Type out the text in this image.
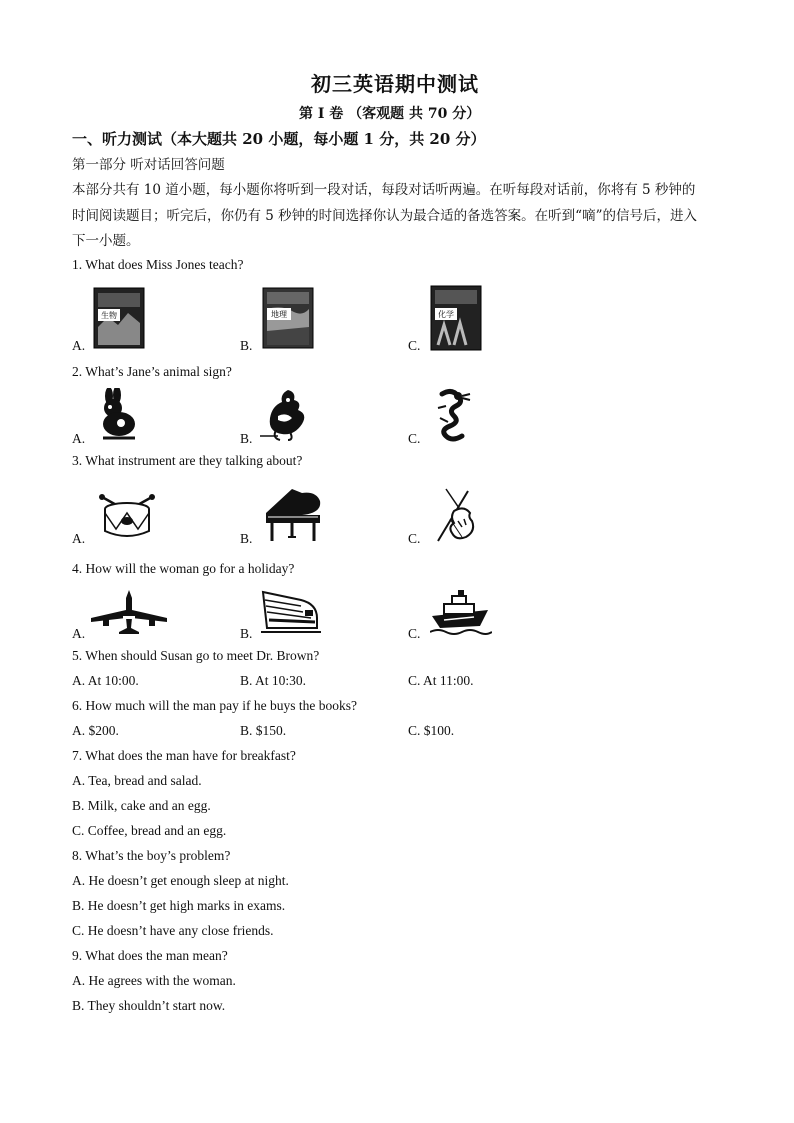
初三英语期中测试
第 I 卷 （客观题 共 70 分）
一、听力测试（本大题共 20 小题，每小题 1 分，共 20 分）
第一部分 听对话回答问题
本部分共有 10 道小题，每小题你将听到一段对话，每段对话听两遍。在听每段对话前，你将有 5 秒钟的
时间阅读题目；听完后，你仍有 5 秒钟的时间选择你认为最合适的备选答案。在听到“嘀”的信号后，进入
下一小题。
1. What does Miss Jones teach?
A.	B.	C.
生物	地理	化学
2. What’s Jane’s animal sign?
A.	B.	C.
3. What instrument are they talking about?
A.	B.	C.
4. How will the woman go for a holiday?
A.	B.	C.
5. When should Susan go to meet Dr. Brown?
A. At 10:00.	B. At 10:30.	C. At 11:00.
6. How much will the man pay if he buys the books?
A. $200.	B. $150.	C. $100.
7. What does the man have for breakfast?
A. Tea, bread and salad.
B. Milk, cake and an egg.
C. Coffee, bread and an egg.
8. What’s the boy’s problem?
A. He doesn’t get enough sleep at night.
B. He doesn’t get high marks in exams.
C. He doesn’t have any close friends.
9. What does the man mean?
A. He agrees with the woman.
B. They shouldn’t start now.
